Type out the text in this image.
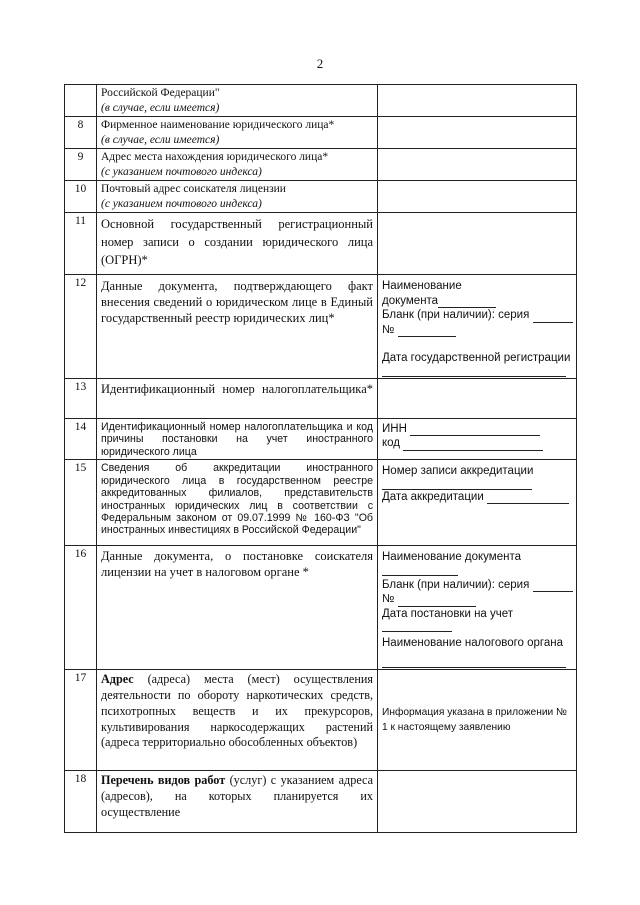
2

	Российской Федерации"
(в случае, если имеется)	

8	Фирменное наименование юридического лица*
(в случае, если имеется)	

9	Адрес места нахождения юридического лица*
(с указанием почтового индекса)	

10	Почтовый адрес соискателя лицензии
(с указанием почтового индекса)	

11	Основной государственный регистрационный номер записи о создании юридического лица (ОГРН)*	

12	Данные документа, подтверждающего факт внесения сведений о юридическом лице в Единый государственный реестр юридических лиц*	Наименование
документа
Бланк (при наличии): серия
№
Дата государственной регистрации

13	Идентификационный номер налогоплательщика*	
14	Идентификационный номер налогоплательщика и код причины постановки на учет иностранного юридического лица	ИНН
код

15	Сведения об аккредитации иностранного юридического лица в государственном реестре аккредитованных филиалов, представительств иностранных юридических лиц в соответствии с Федеральным законом от 09.07.1999 № 160-ФЗ "Об иностранных инвестициях в Российской Федерации"	Номер записи аккредитации
Дата аккредитации

16	Данные документа, о постановке соискателя лицензии на учет в налоговом органе *	Наименование документа
Бланк (при наличии): серия
№
Дата постановки на учет
Наименование налогового органа

17	Адрес (адреса) места (мест) осуществления деятельности по обороту наркотических средств, психотропных веществ и их прекурсоров, культивирования наркосодержащих растений (адреса территориально обособленных объектов)	Информация указана в приложении № 1 к настоящему заявлению
18	Перечень видов работ (услуг) с указанием адреса (адресов), на которых планируется их осуществление	
